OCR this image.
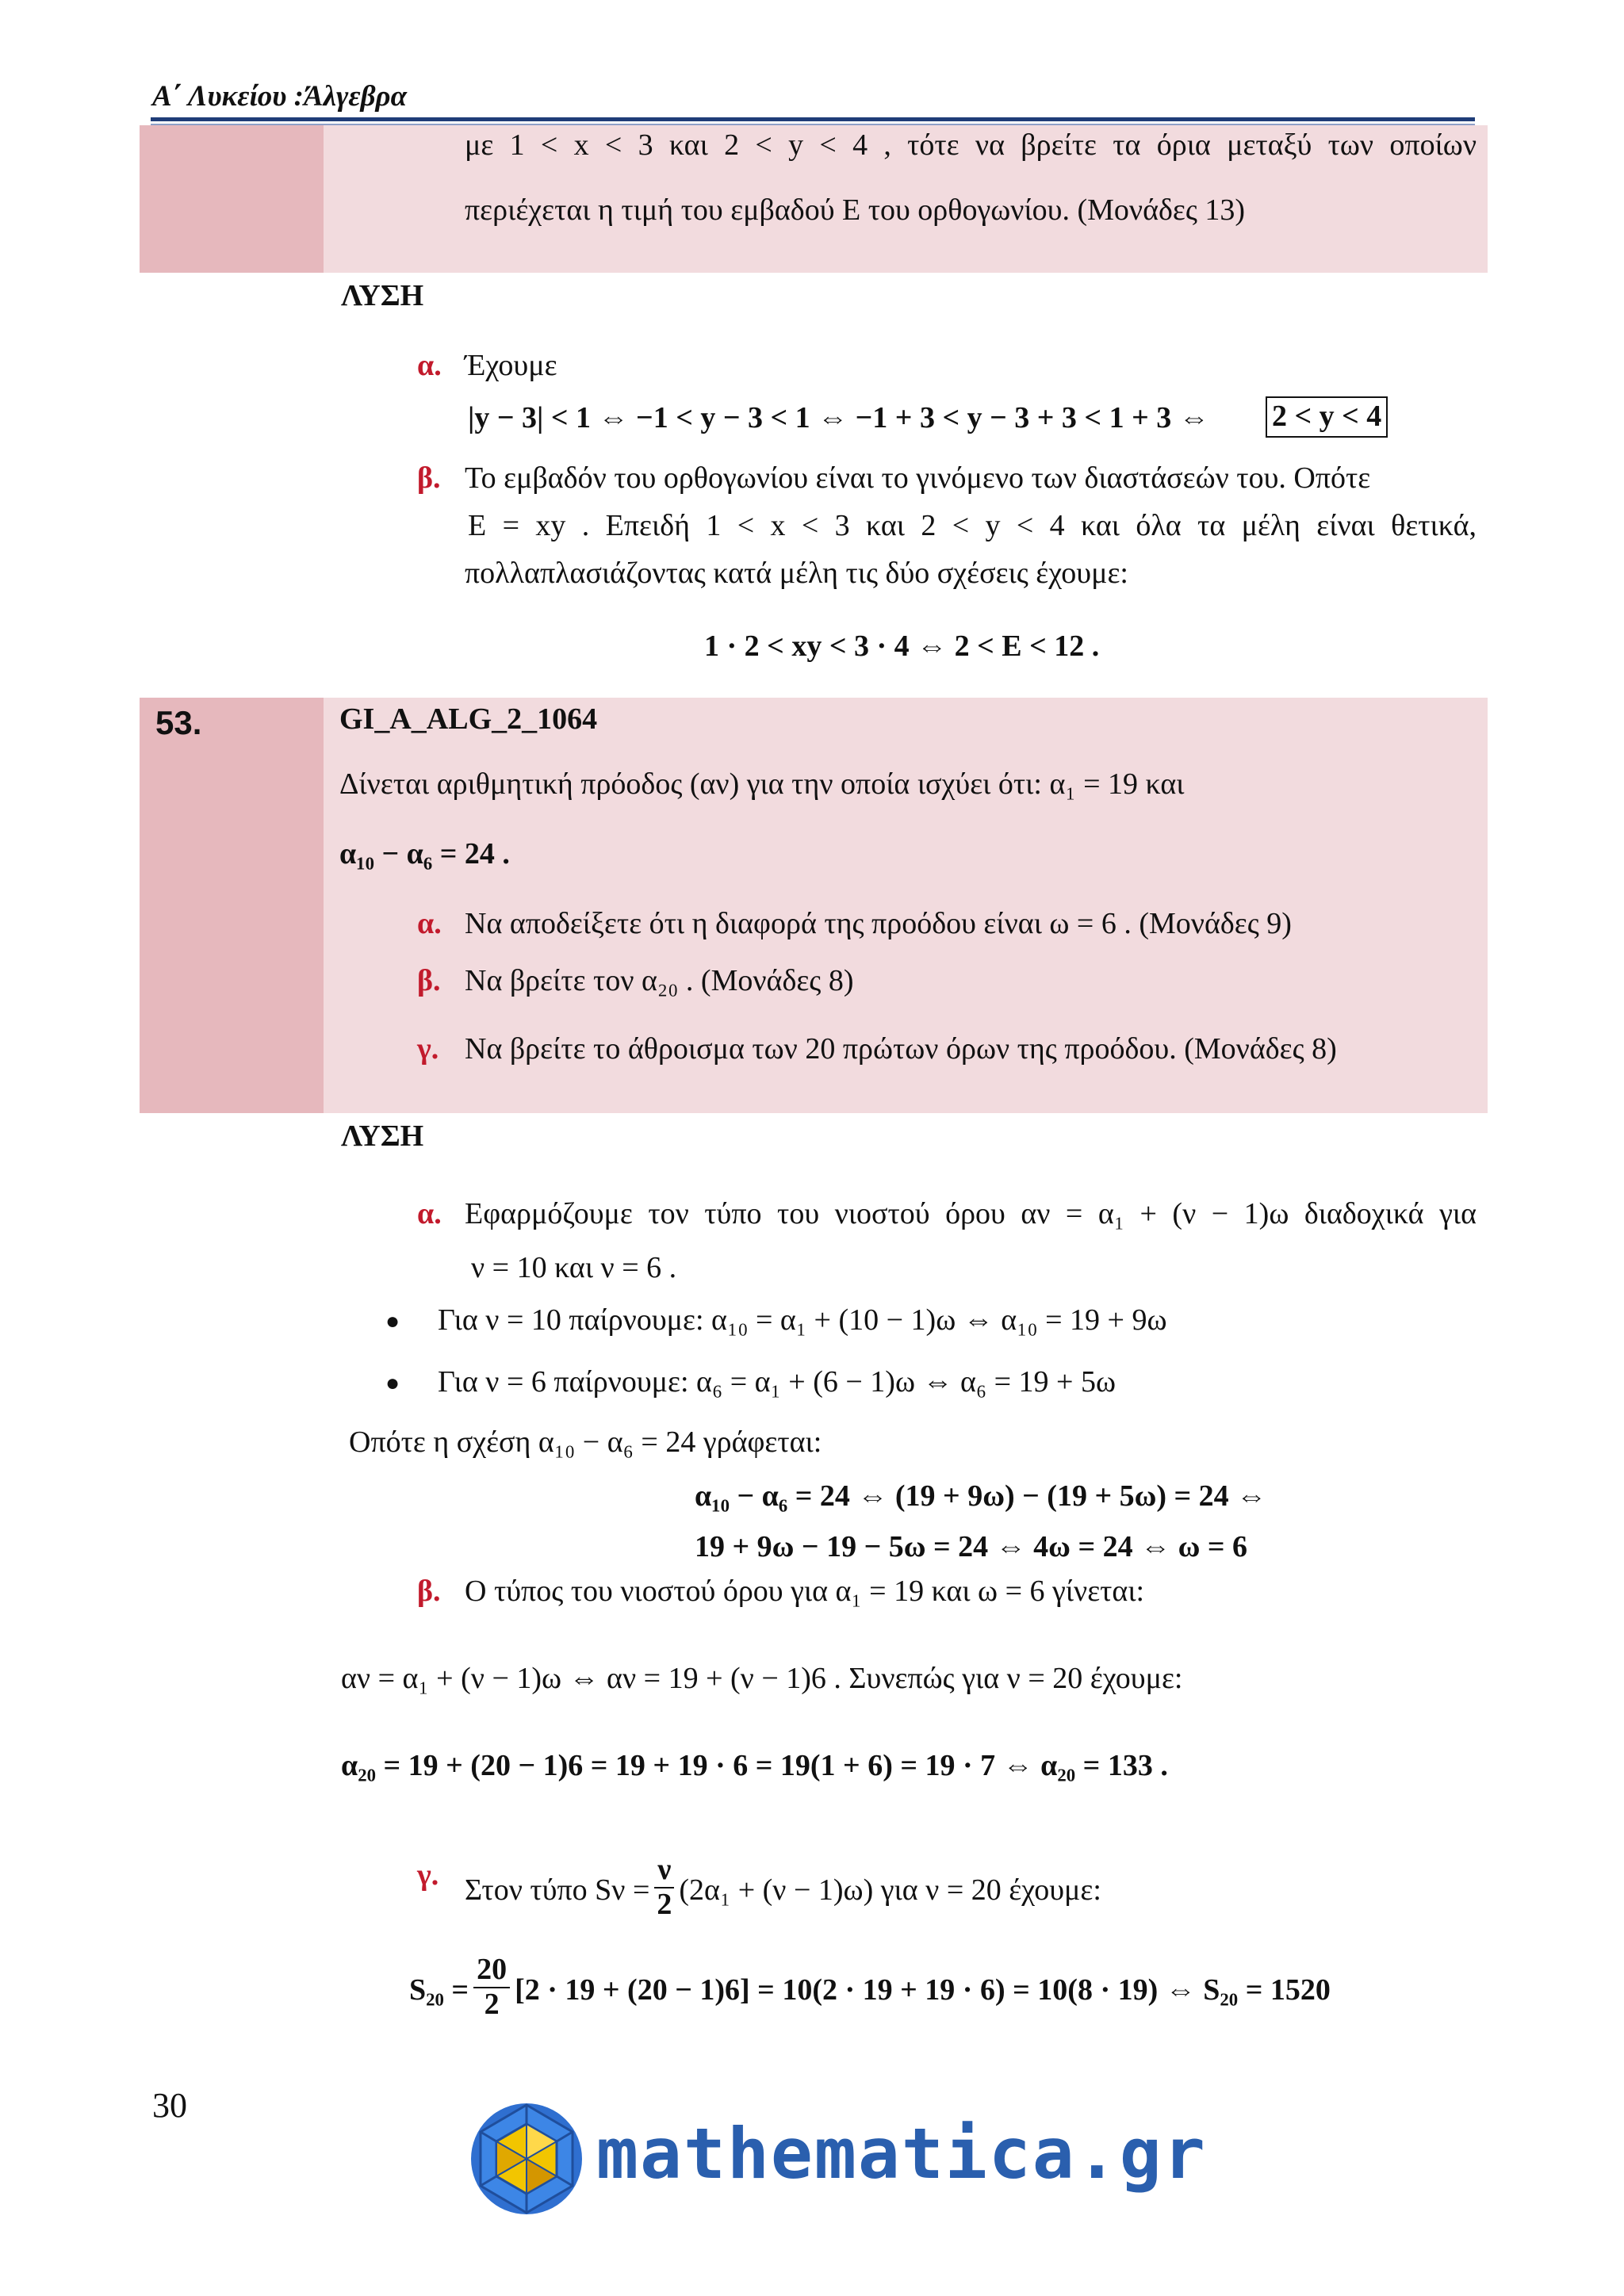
Α΄ Λυκείου :Άλγεβρα
με 1 < x < 3 και 2 < y < 4 , τότε να βρείτε τα όρια μεταξύ των οποίων
περιέχεται η τιμή του εμβαδού Ε του ορθογωνίου. (Μονάδες 13)
ΛΥΣΗ
α. Έχουμε
|y − 3| < 1 ⇔ −1 < y − 3 < 1 ⇔ −1 + 3 < y − 3 + 3 < 1 + 3 ⇔ 2 < y < 4
β. Το εμβαδόν του ορθογωνίου είναι το γινόμενο των διαστάσεών του. Οπότε
Ε = xy . Επειδή 1 < x < 3 και 2 < y < 4 και όλα τα μέλη είναι θετικά,
πολλαπλασιάζοντας κατά μέλη τις δύο σχέσεις έχουμε:
1 · 2 < xy < 3 · 4 ⇔ 2 < E < 12 .
53.	GI_A_ALG_2_1064
Δίνεται αριθμητική πρόοδος (αν) για την οποία ισχύει ότι: α₁ = 19 και
α₁₀ − α₆ = 24 .
α. Να αποδείξετε ότι η διαφορά της προόδου είναι ω = 6 . (Μονάδες 9)
β. Να βρείτε τον α₂₀ . (Μονάδες 8)
γ. Να βρείτε το άθροισμα των 20 πρώτων όρων της προόδου. (Μονάδες 8)
ΛΥΣΗ
α. Εφαρμόζουμε τον τύπο του νιοστού όρου αν = α₁ + (ν − 1)ω διαδοχικά για
ν = 10 και ν = 6 .
● Για ν = 10 παίρνουμε: α₁₀ = α₁ + (10 − 1)ω ⇔ α₁₀ = 19 + 9ω
● Για ν = 6 παίρνουμε: α₆ = α₁ + (6 − 1)ω ⇔ α₆ = 19 + 5ω
Οπότε η σχέση α₁₀ − α₆ = 24 γράφεται:
α₁₀ − α₆ = 24 ⇔ (19 + 9ω) − (19 + 5ω) = 24 ⇔
19 + 9ω − 19 − 5ω = 24 ⇔ 4ω = 24 ⇔ ω = 6
β. Ο τύπος του νιοστού όρου για α₁ = 19 και ω = 6 γίνεται:
αν = α₁ + (ν − 1)ω ⇔ αν = 19 + (ν − 1)6 . Συνεπώς για ν = 20 έχουμε:
α₂₀ = 19 + (20 − 1)6 = 19 + 19 · 6 = 19(1 + 6) = 19 · 7 ⇔ α₂₀ = 133 .
γ. Στον τύπο $S\nu = \frac{\nu}{2} (2\alpha_1 + (\nu - 1)\omega)$ για ν = 20 έχουμε:
$S_{20} = \frac{20}{2} [2 \cdot 19 + (20 - 1)6] = 10(2 \cdot 19 + 19 \cdot 6) = 10(8 \cdot 19)$ ⇔ S₂₀ = 1520
30
mathematica.gr
